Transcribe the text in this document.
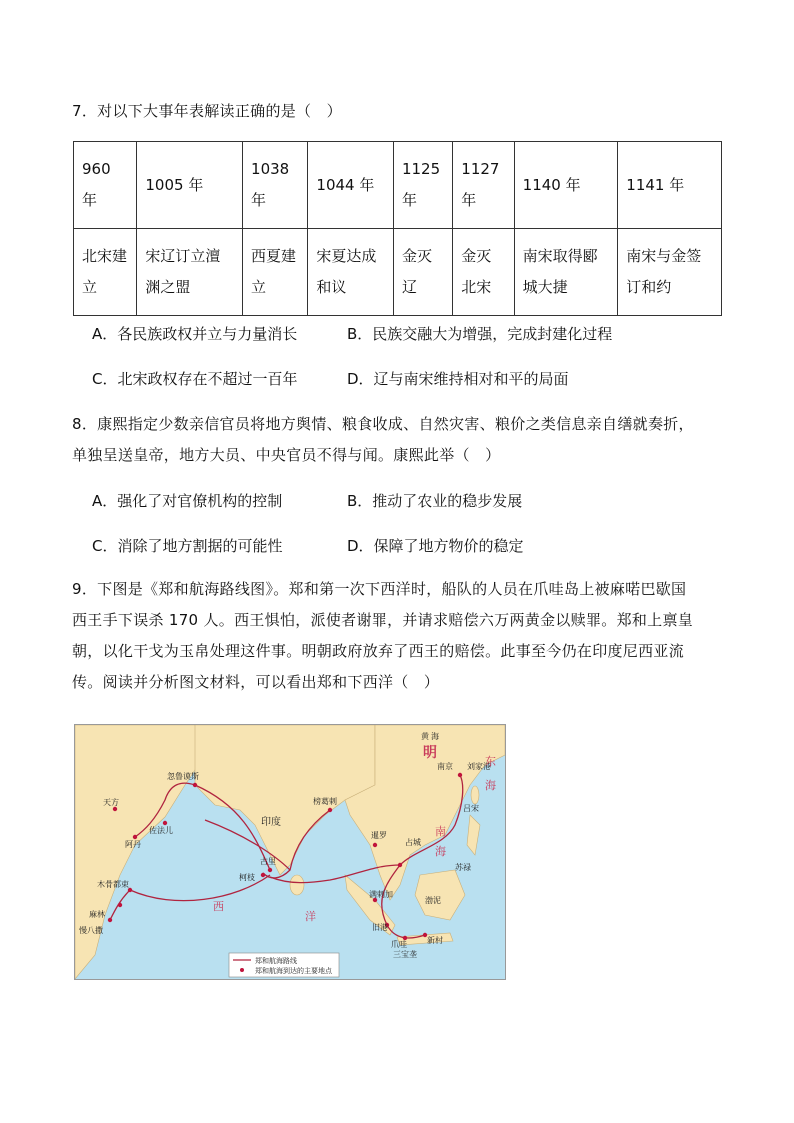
7．对以下大事年表解读正确的是（　）

960 年	1005 年	1038 年	1044 年	1125 年	1127 年	1140 年	1141 年
北宋建立	宋辽订立澶渊之盟	西夏建立	宋夏达成和议	金灭辽	金灭北宋	南宋取得郾城大捷	南宋与金签订和约
A．各民族政权并立与力量消长	B．民族交融大为增强，完成封建化过程
C．北宋政权存在不超过一百年	D．辽与南宋维持相对和平的局面

8．康熙指定少数亲信官员将地方舆情、粮食收成、自然灾害、粮价之类信息亲自缮就奏折，

单独呈送皇帝，地方大员、中央官员不得与闻。康熙此举（　）

A．强化了对官僚机构的控制	B．推动了农业的稳步发展
C．消除了地方割据的可能性	D．保障了地方物价的稳定

9．下图是《郑和航海路线图》。郑和第一次下西洋时，船队的人员在爪哇岛上被麻喏巴歇国

西王手下误杀 170 人。西王惧怕，派使者谢罪，并请求赔偿六万两黄金以赎罪。郑和上禀皇

朝，以化干戈为玉帛处理这件事。明朝政府放弃了西王的赔偿。此事至今仍在印度尼西亚流

传。阅读并分析图文材料，可以看出郑和下西洋（　）

明
南京 刘家港
忽鲁谟斯
天方
阿丹
佐法儿
榜葛剌
古里
柯枝
木骨都束
麻林
慢八撒
暹罗
占城
吕宋
苏禄
满剌加
旧港
爪哇
三宝垄
新村
渤泥
印度
西
洋
东
海
南
海
黄 海
郑和航海路线
郑和航海到达的主要地点
